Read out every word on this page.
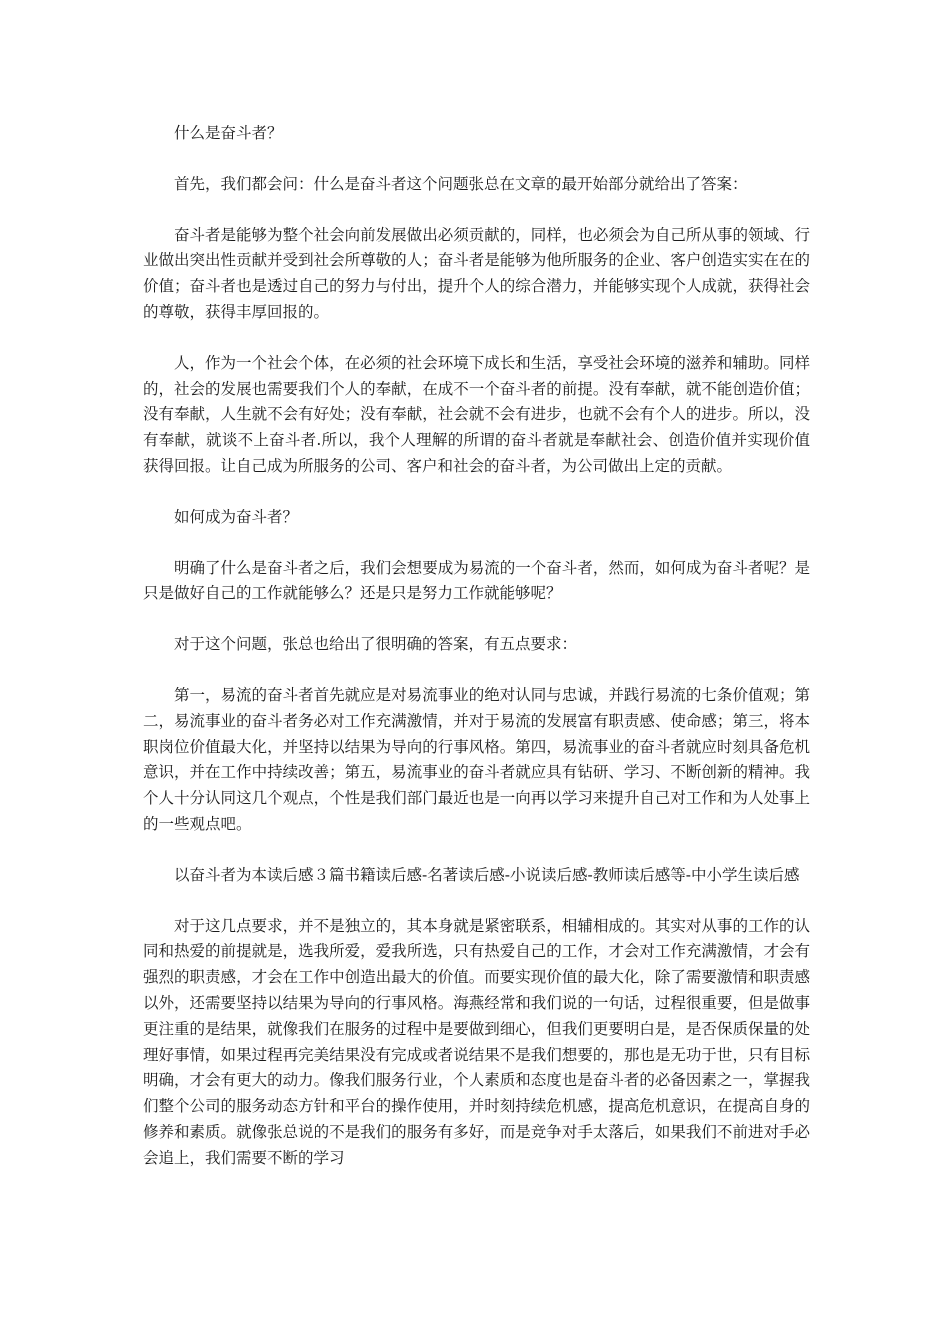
什么是奋斗者？

首先，我们都会问：什么是奋斗者这个问题张总在文章的最开始部分就给出了答案：

奋斗者是能够为整个社会向前发展做出必须贡献的，同样，也必须会为自己所从事的领域、行业做出突出性贡献并受到社会所尊敬的人；奋斗者是能够为他所服务的企业、客户创造实实在在的价值；奋斗者也是透过自己的努力与付出，提升个人的综合潜力，并能够实现个人成就，获得社会的尊敬，获得丰厚回报的。

人，作为一个社会个体，在必须的社会环境下成长和生活，享受社会环境的滋养和辅助。同样的，社会的发展也需要我们个人的奉献，在成不一个奋斗者的前提。没有奉献，就不能创造价值；没有奉献，人生就不会有好处；没有奉献，社会就不会有进步，也就不会有个人的进步。所以，没有奉献，就谈不上奋斗者.所以，我个人理解的所谓的奋斗者就是奉献社会、创造价值并实现价值获得回报。让自己成为所服务的公司、客户和社会的奋斗者，为公司做出上定的贡献。

如何成为奋斗者？

明确了什么是奋斗者之后，我们会想要成为易流的一个奋斗者，然而，如何成为奋斗者呢？是只是做好自己的工作就能够么？还是只是努力工作就能够呢？

对于这个问题，张总也给出了很明确的答案，有五点要求：

第一，易流的奋斗者首先就应是对易流事业的绝对认同与忠诚，并践行易流的七条价值观；第二，易流事业的奋斗者务必对工作充满激情，并对于易流的发展富有职责感、使命感；第三，将本职岗位价值最大化，并坚持以结果为导向的行事风格。第四，易流事业的奋斗者就应时刻具备危机意识，并在工作中持续改善；第五，易流事业的奋斗者就应具有钻研、学习、不断创新的精神。我个人十分认同这几个观点，个性是我们部门最近也是一向再以学习来提升自己对工作和为人处事上的一些观点吧。

以奋斗者为本读后感３篇书籍读后感-名著读后感-小说读后感-教师读后感等-中小学生读后感

对于这几点要求，并不是独立的，其本身就是紧密联系，相辅相成的。其实对从事的工作的认同和热爱的前提就是，选我所爱，爱我所选，只有热爱自己的工作，才会对工作充满激情，才会有强烈的职责感，才会在工作中创造出最大的价值。而要实现价值的最大化，除了需要激情和职责感以外，还需要坚持以结果为导向的行事风格。海燕经常和我们说的一句话，过程很重要，但是做事更注重的是结果，就像我们在服务的过程中是要做到细心，但我们更要明白是，是否保质保量的处理好事情，如果过程再完美结果没有完成或者说结果不是我们想要的，那也是无功于世，只有目标明确，才会有更大的动力。像我们服务行业，个人素质和态度也是奋斗者的必备因素之一，掌握我们整个公司的服务动态方针和平台的操作使用，并时刻持续危机感，提高危机意识，在提高自身的修养和素质。就像张总说的不是我们的服务有多好，而是竞争对手太落后，如果我们不前进对手必会追上，我们需要不断的学习
